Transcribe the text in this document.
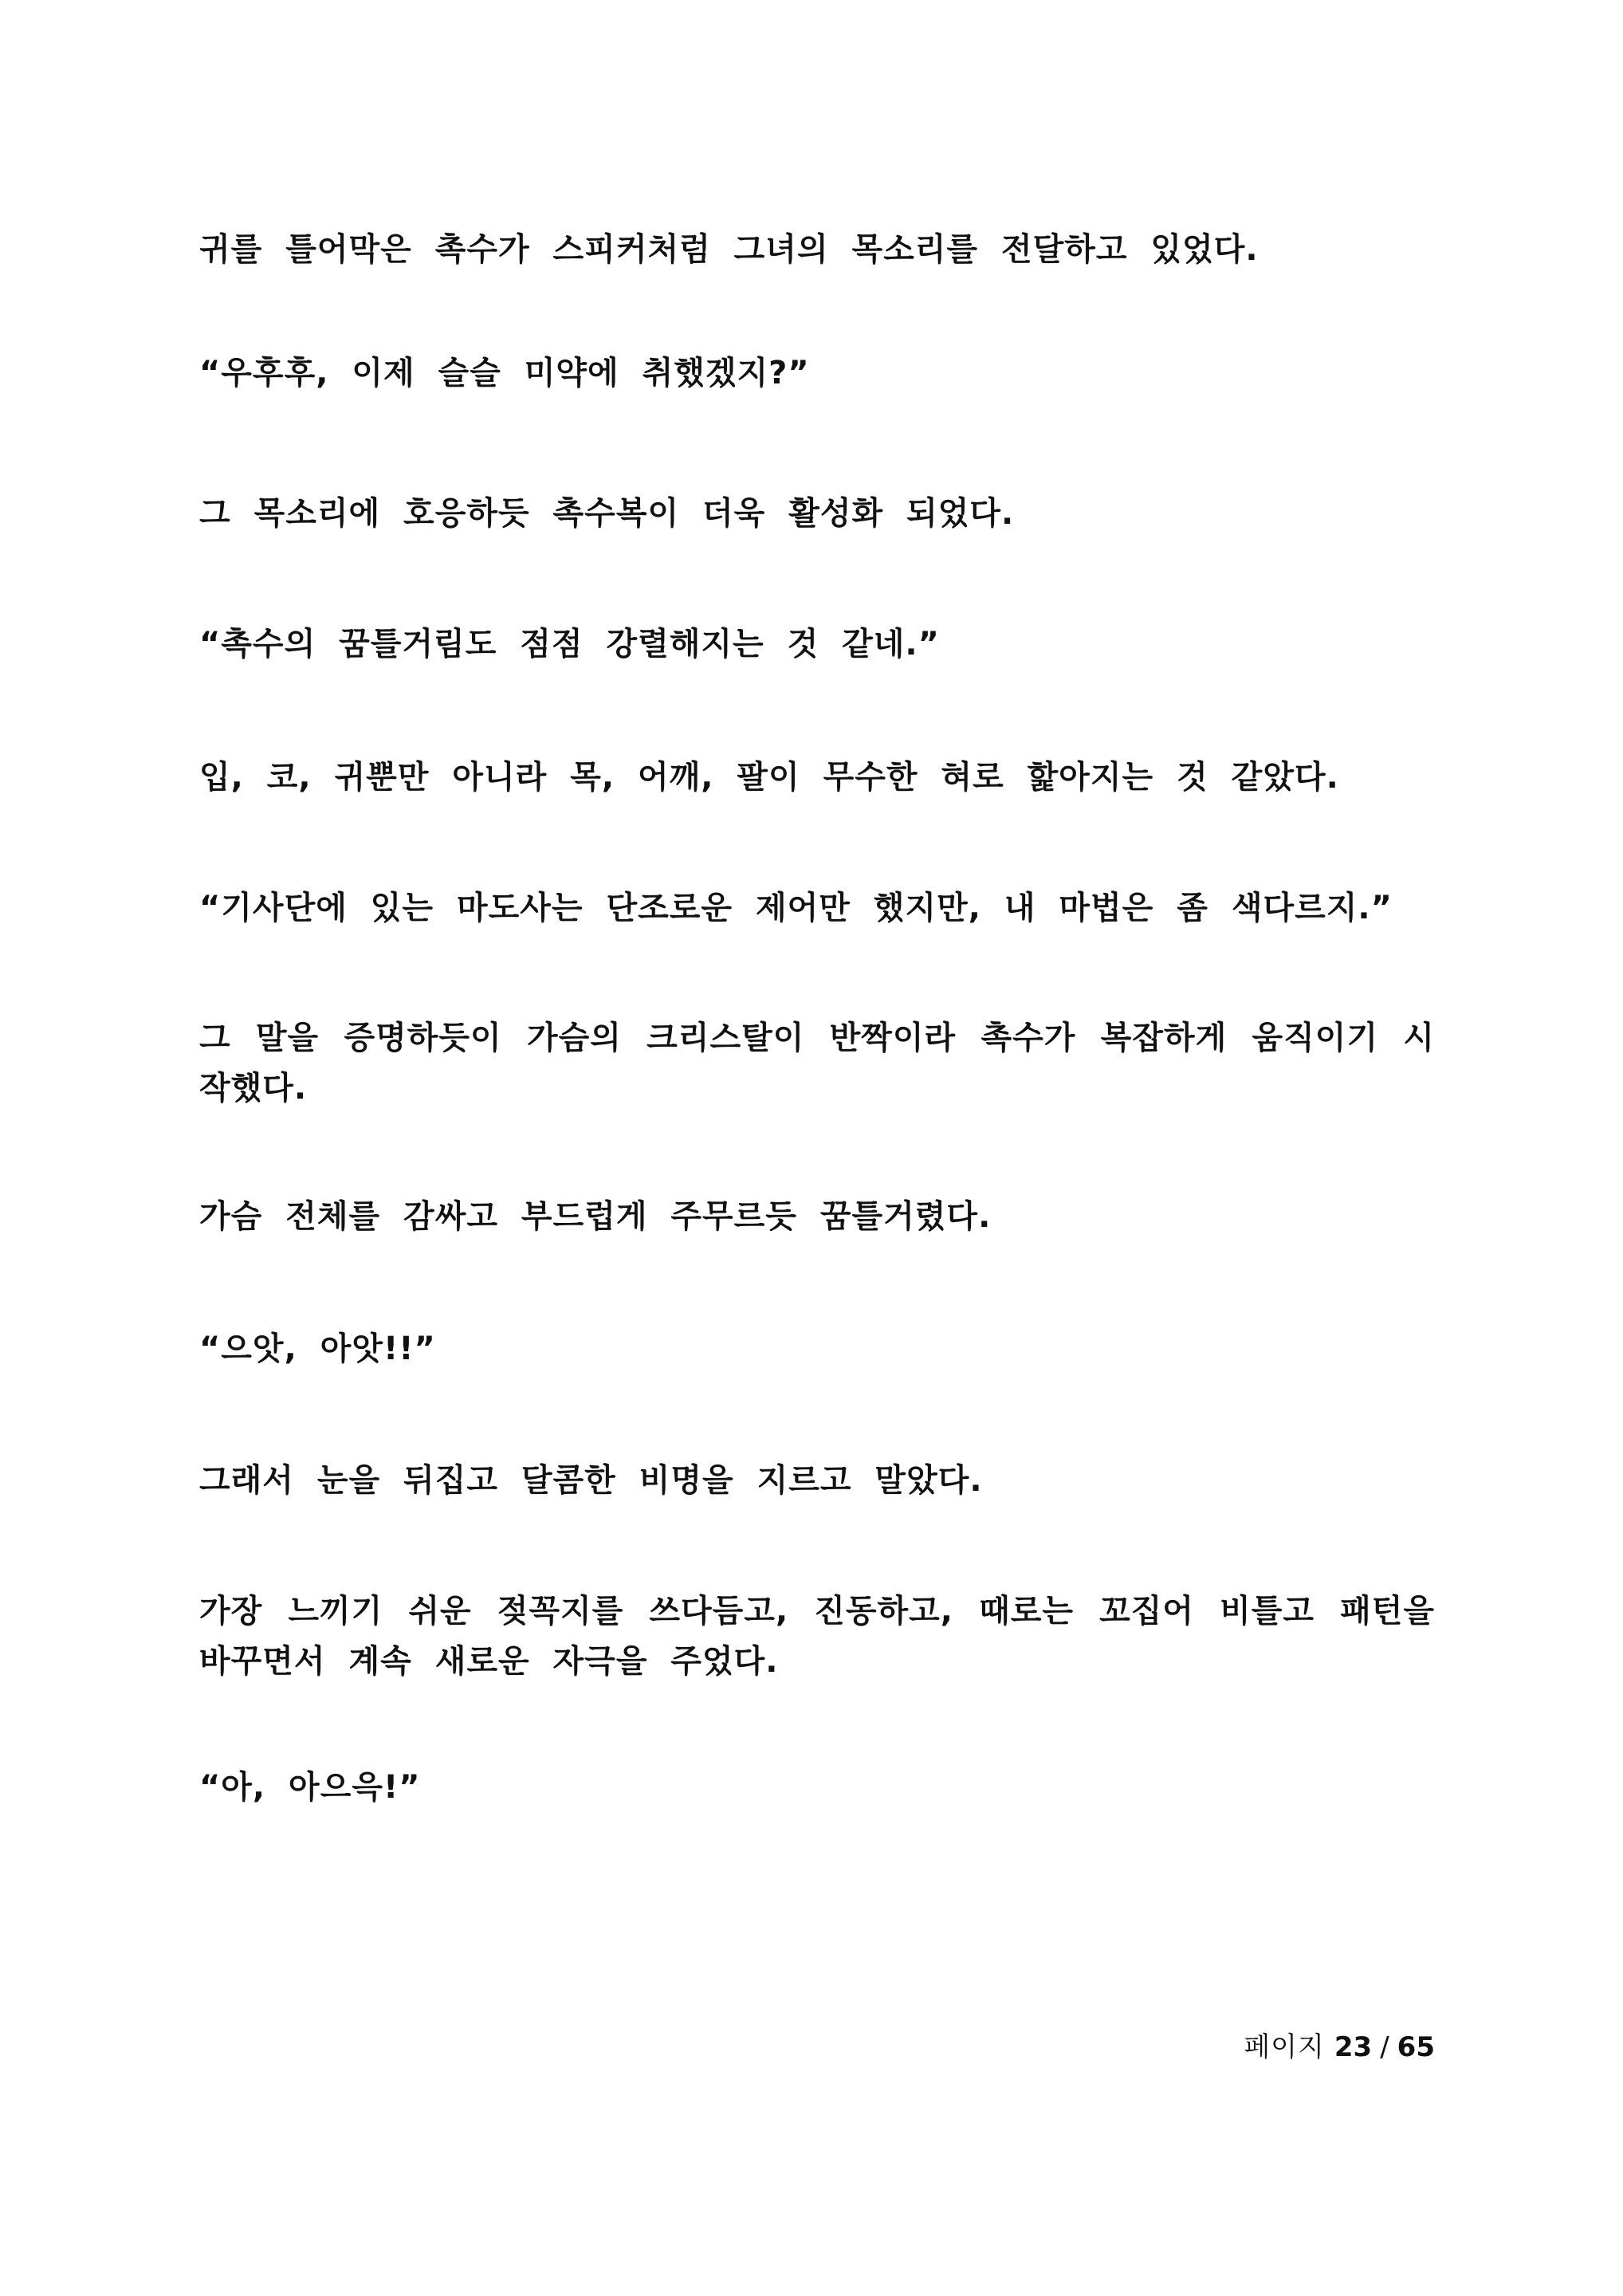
귀를 틀어막은 촉수가 스피커처럼 그녀의 목소리를 전달하고 있었다.

“우후후, 이제 슬슬 미약에 취했겠지?”

그 목소리에 호응하듯 촉수복이 더욱 활성화 되었다.

“촉수의 꿈틀거림도 점점 강렬해지는 것 같네.”

입, 코, 귀뿐만 아니라 목, 어깨, 팔이 무수한 혀로 핥아지는 것 같았다.

“기사단에 있는 마도사는 단조로운 제어만 했지만, 내 마법은 좀 색다르지.”

그 말을 증명하듯이 가슴의 크리스탈이 반짝이라 촉수가 복잡하게 움직이기 시작했다.

가슴 전체를 감싸고 부드럽게 주무르듯 꿈틀거렸다.

“으앗, 아앗!!”

그래서 눈을 뒤집고 달콤한 비명을 지르고 말았다.

가장 느끼기 쉬운 젖꼭지를 쓰다듬고, 진동하고, 때로는 꼬집어 비틀고 패턴을 바꾸면서 계속 새로운 자극을 주었다.

“아, 아으윽!”

페이지 23 / 65
